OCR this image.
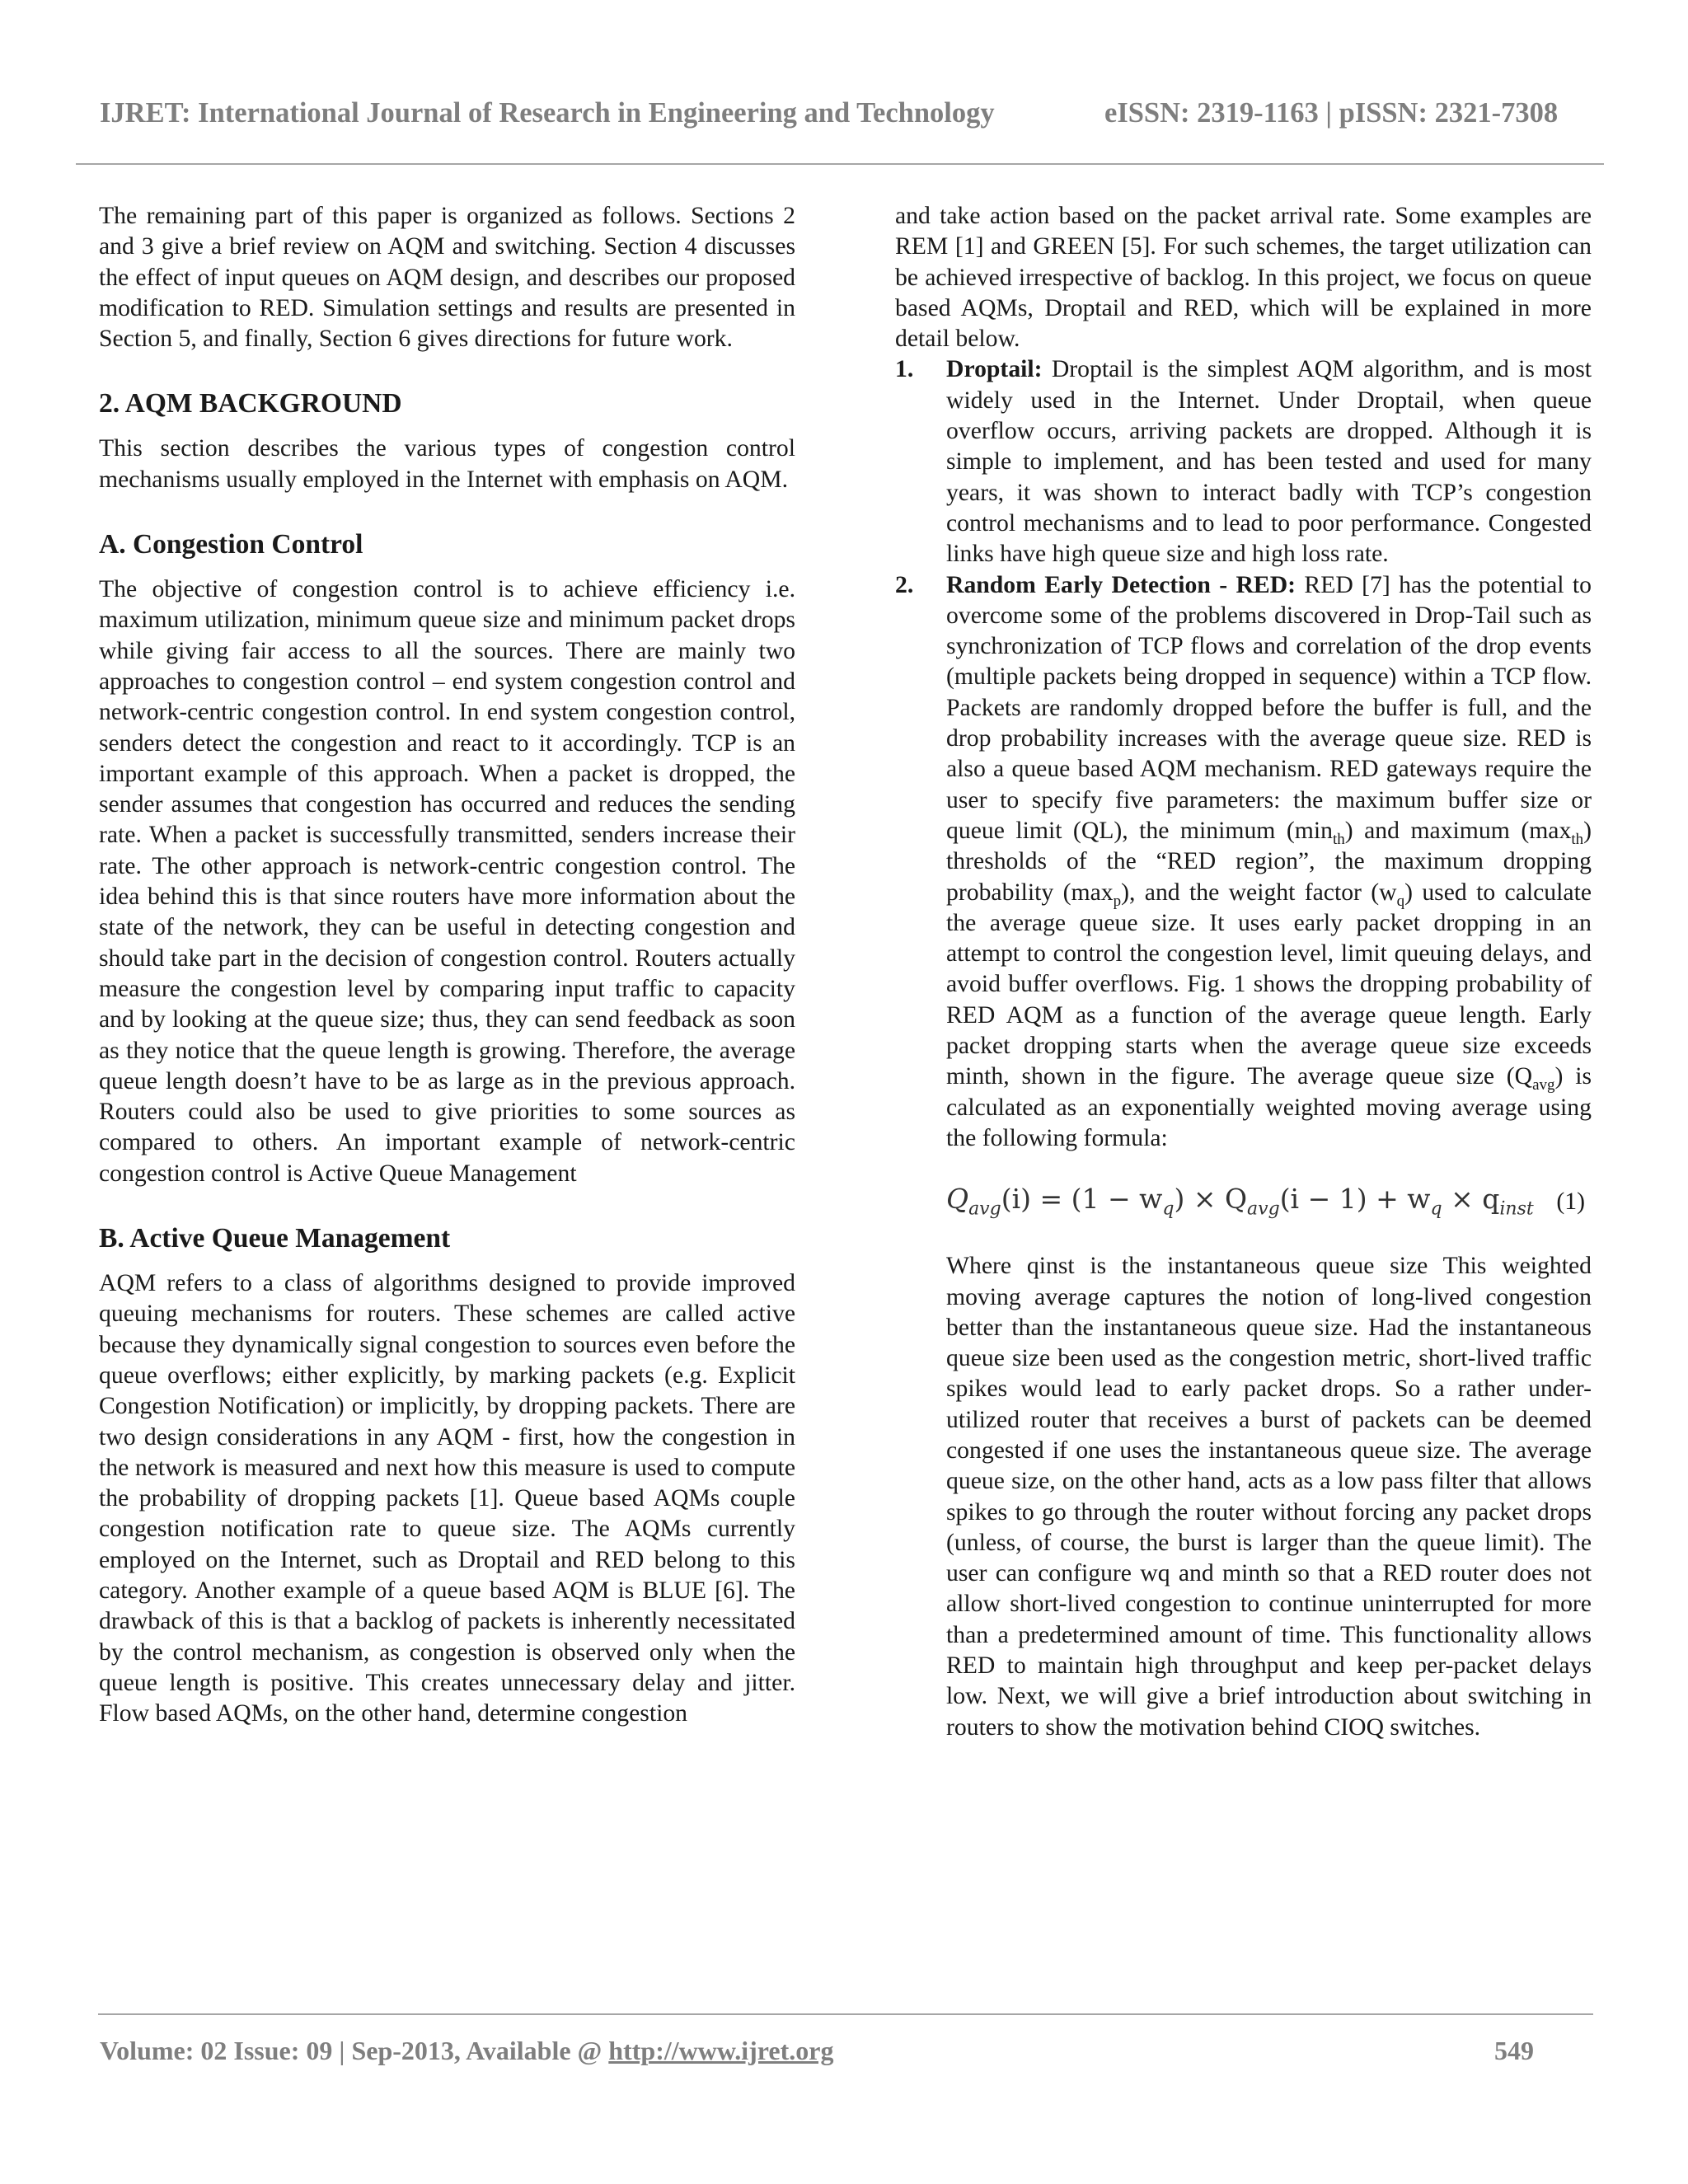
IJRET: International Journal of Research in Engineering and Technology	eISSN: 2319-1163 | pISSN: 2321-7308

The remaining part of this paper is organized as follows. Sections 2 and 3 give a brief review on AQM and switching. Section 4 discusses the effect of input queues on AQM design, and describes our proposed modification to RED. Simulation settings and results are presented in Section 5, and finally, Section 6 gives directions for future work.

2. AQM BACKGROUND

This section describes the various types of congestion control mechanisms usually employed in the Internet with emphasis on AQM.

A. Congestion Control

The objective of congestion control is to achieve efficiency i.e. maximum utilization, minimum queue size and minimum packet drops while giving fair access to all the sources. There are mainly two approaches to congestion control – end system congestion control and network-centric congestion control. In end system congestion control, senders detect the congestion and react to it accordingly. TCP is an important example of this approach. When a packet is dropped, the sender assumes that congestion has occurred and reduces the sending rate. When a packet is successfully transmitted, senders increase their rate. The other approach is network-centric congestion control. The idea behind this is that since routers have more information about the state of the network, they can be useful in detecting congestion and should take part in the decision of congestion control. Routers actually measure the congestion level by comparing input traffic to capacity and by looking at the queue size; thus, they can send feedback as soon as they notice that the queue length is growing. Therefore, the average queue length doesn’t have to be as large as in the previous approach. Routers could also be used to give priorities to some sources as compared to others. An important example of network-centric congestion control is Active Queue Management

B. Active Queue Management

AQM refers to a class of algorithms designed to provide improved queuing mechanisms for routers. These schemes are called active because they dynamically signal congestion to sources even before the queue overflows; either explicitly, by marking packets (e.g. Explicit Congestion Notification) or implicitly, by dropping packets. There are two design considerations in any AQM - first, how the congestion in the network is measured and next how this measure is used to compute the probability of dropping packets [1]. Queue based AQMs couple congestion notification rate to queue size. The AQMs currently employed on the Internet, such as Droptail and RED belong to this category. Another example of a queue based AQM is BLUE [6]. The drawback of this is that a backlog of packets is inherently necessitated by the control mechanism, as congestion is observed only when the queue length is positive. This creates unnecessary delay and jitter. Flow based AQMs, on the other hand, determine congestion

and take action based on the packet arrival rate. Some examples are REM [1] and GREEN [5]. For such schemes, the target utilization can be achieved irrespective of backlog. In this project, we focus on queue based AQMs, Droptail and RED, which will be explained in more detail below.

1. Droptail: Droptail is the simplest AQM algorithm, and is most widely used in the Internet. Under Droptail, when queue overflow occurs, arriving packets are dropped. Although it is simple to implement, and has been tested and used for many years, it was shown to interact badly with TCP’s congestion control mechanisms and to lead to poor performance. Congested links have high queue size and high loss rate.

2. Random Early Detection - RED: RED [7] has the potential to overcome some of the problems discovered in Drop-Tail such as synchronization of TCP flows and correlation of the drop events (multiple packets being dropped in sequence) within a TCP flow. Packets are randomly dropped before the buffer is full, and the drop probability increases with the average queue size. RED is also a queue based AQM mechanism. RED gateways require the user to specify five parameters: the maximum buffer size or queue limit (QL), the minimum $(\min_{th})$ and maximum $(\max_{th})$ thresholds of the “RED region”, the maximum dropping probability $(\max_p)$, and the weight factor $(w_q)$ used to calculate the average queue size. It uses early packet dropping in an attempt to control the congestion level, limit queuing delays, and avoid buffer overflows. Fig. 1 shows the dropping probability of RED AQM as a function of the average queue length. Early packet dropping starts when the average queue size exceeds minth, shown in the figure. The average queue size $(Q_{avg})$ is calculated as an exponentially weighted moving average using the following formula:

$Q_{avg}(i) = (1 - w_q) \times Q_{avg}(i - 1) + w_q \times q_{inst}$ (1)

Where qinst is the instantaneous queue size This weighted moving average captures the notion of long-lived congestion better than the instantaneous queue size. Had the instantaneous queue size been used as the congestion metric, short-lived traffic spikes would lead to early packet drops. So a rather under-utilized router that receives a burst of packets can be deemed congested if one uses the instantaneous queue size. The average queue size, on the other hand, acts as a low pass filter that allows spikes to go through the router without forcing any packet drops (unless, of course, the burst is larger than the queue limit). The user can configure wq and minth so that a RED router does not allow short-lived congestion to continue uninterrupted for more than a predetermined amount of time. This functionality allows RED to maintain high throughput and keep per-packet delays low. Next, we will give a brief introduction about switching in routers to show the motivation behind CIOQ switches.

Volume: 02 Issue: 09 | Sep-2013, Available @ http://www.ijret.org	549
